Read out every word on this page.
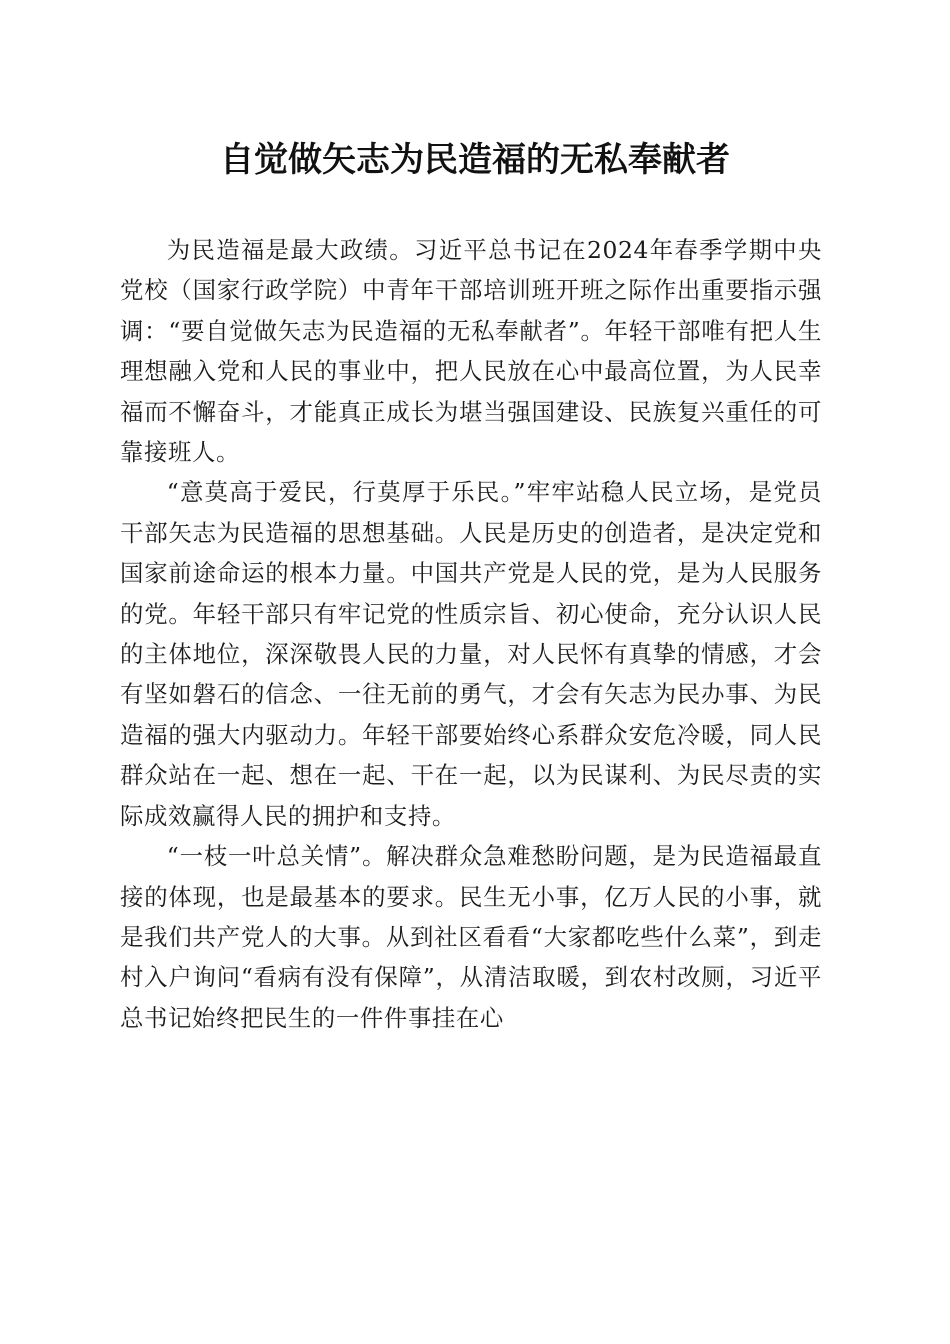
自觉做矢志为民造福的无私奉献者

为民造福是最大政绩。习近平总书记在2024年春季学期中央党校（国家行政学院）中青年干部培训班开班之际作出重要指示强调：“要自觉做矢志为民造福的无私奉献者”。年轻干部唯有把人生理想融入党和人民的事业中，把人民放在心中最高位置，为人民幸福而不懈奋斗，才能真正成长为堪当强国建设、民族复兴重任的可靠接班人。

“意莫高于爱民，行莫厚于乐民。”牢牢站稳人民立场，是党员干部矢志为民造福的思想基础。人民是历史的创造者，是决定党和国家前途命运的根本力量。中国共产党是人民的党，是为人民服务的党。年轻干部只有牢记党的性质宗旨、初心使命，充分认识人民的主体地位，深深敬畏人民的力量，对人民怀有真挚的情感，才会有坚如磐石的信念、一往无前的勇气，才会有矢志为民办事、为民造福的强大内驱动力。年轻干部要始终心系群众安危冷暖，同人民群众站在一起、想在一起、干在一起，以为民谋利、为民尽责的实际成效赢得人民的拥护和支持。

“一枝一叶总关情”。解决群众急难愁盼问题，是为民造福最直接的体现，也是最基本的要求。民生无小事，亿万人民的小事，就是我们共产党人的大事。从到社区看看“大家都吃些什么菜”，到走村入户询问“看病有没有保障”，从清洁取暖，到农村改厕，习近平总书记始终把民生的一件件事挂在心
